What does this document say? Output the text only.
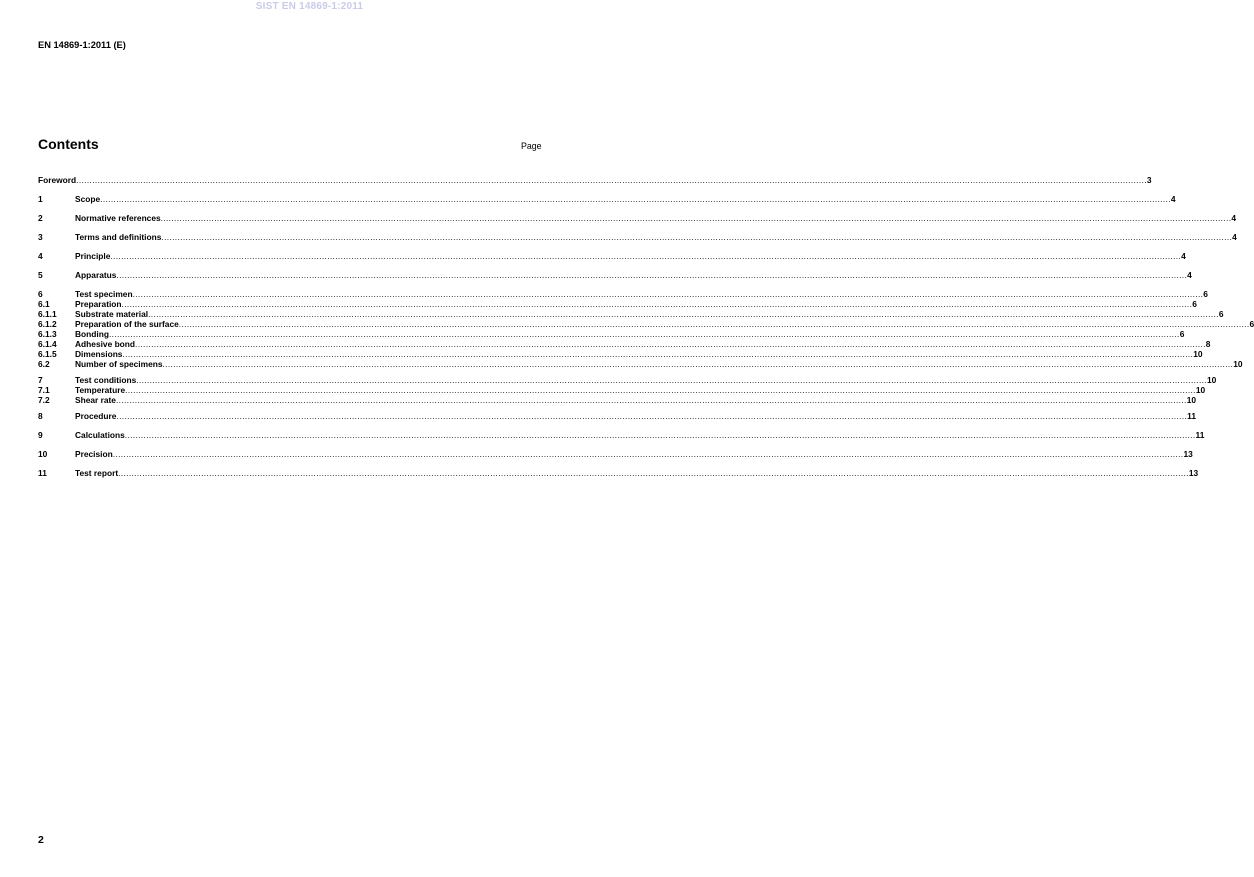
SIST EN 14869-1:2011
EN 14869-1:2011 (E)
Contents	Page
Foreword ................................................................................................................................................................................................................................................................................................................................................................................................................ 3
1	Scope ................................................................................................................................................................................................................................................................................................................................................................................................................ 4
2	Normative references ................................................................................................................................................................................................................................................................................................................................................................................................................ 4
3	Terms and definitions ................................................................................................................................................................................................................................................................................................................................................................................................................ 4
4	Principle ................................................................................................................................................................................................................................................................................................................................................................................................................ 4
5	Apparatus ................................................................................................................................................................................................................................................................................................................................................................................................................ 4
6	Test specimen ................................................................................................................................................................................................................................................................................................................................................................................................................ 6
6.1	Preparation ................................................................................................................................................................................................................................................................................................................................................................................................................ 6
6.1.1	Substrate material ................................................................................................................................................................................................................................................................................................................................................................................................................ 6
6.1.2	Preparation of the surface ................................................................................................................................................................................................................................................................................................................................................................................................................ 6
6.1.3	Bonding ................................................................................................................................................................................................................................................................................................................................................................................................................ 6
6.1.4	Adhesive bond ................................................................................................................................................................................................................................................................................................................................................................................................................ 8
6.1.5	Dimensions ................................................................................................................................................................................................................................................................................................................................................................................................................ 10
6.2	Number of specimens ................................................................................................................................................................................................................................................................................................................................................................................................................ 10
7	Test conditions ................................................................................................................................................................................................................................................................................................................................................................................................................ 10
7.1	Temperature ................................................................................................................................................................................................................................................................................................................................................................................................................ 10
7.2	Shear rate ................................................................................................................................................................................................................................................................................................................................................................................................................ 10
8	Procedure ................................................................................................................................................................................................................................................................................................................................................................................................................ 11
9	Calculations ................................................................................................................................................................................................................................................................................................................................................................................................................ 11
10	Precision ................................................................................................................................................................................................................................................................................................................................................................................................................ 13
11	Test report ................................................................................................................................................................................................................................................................................................................................................................................................................ 13
2
